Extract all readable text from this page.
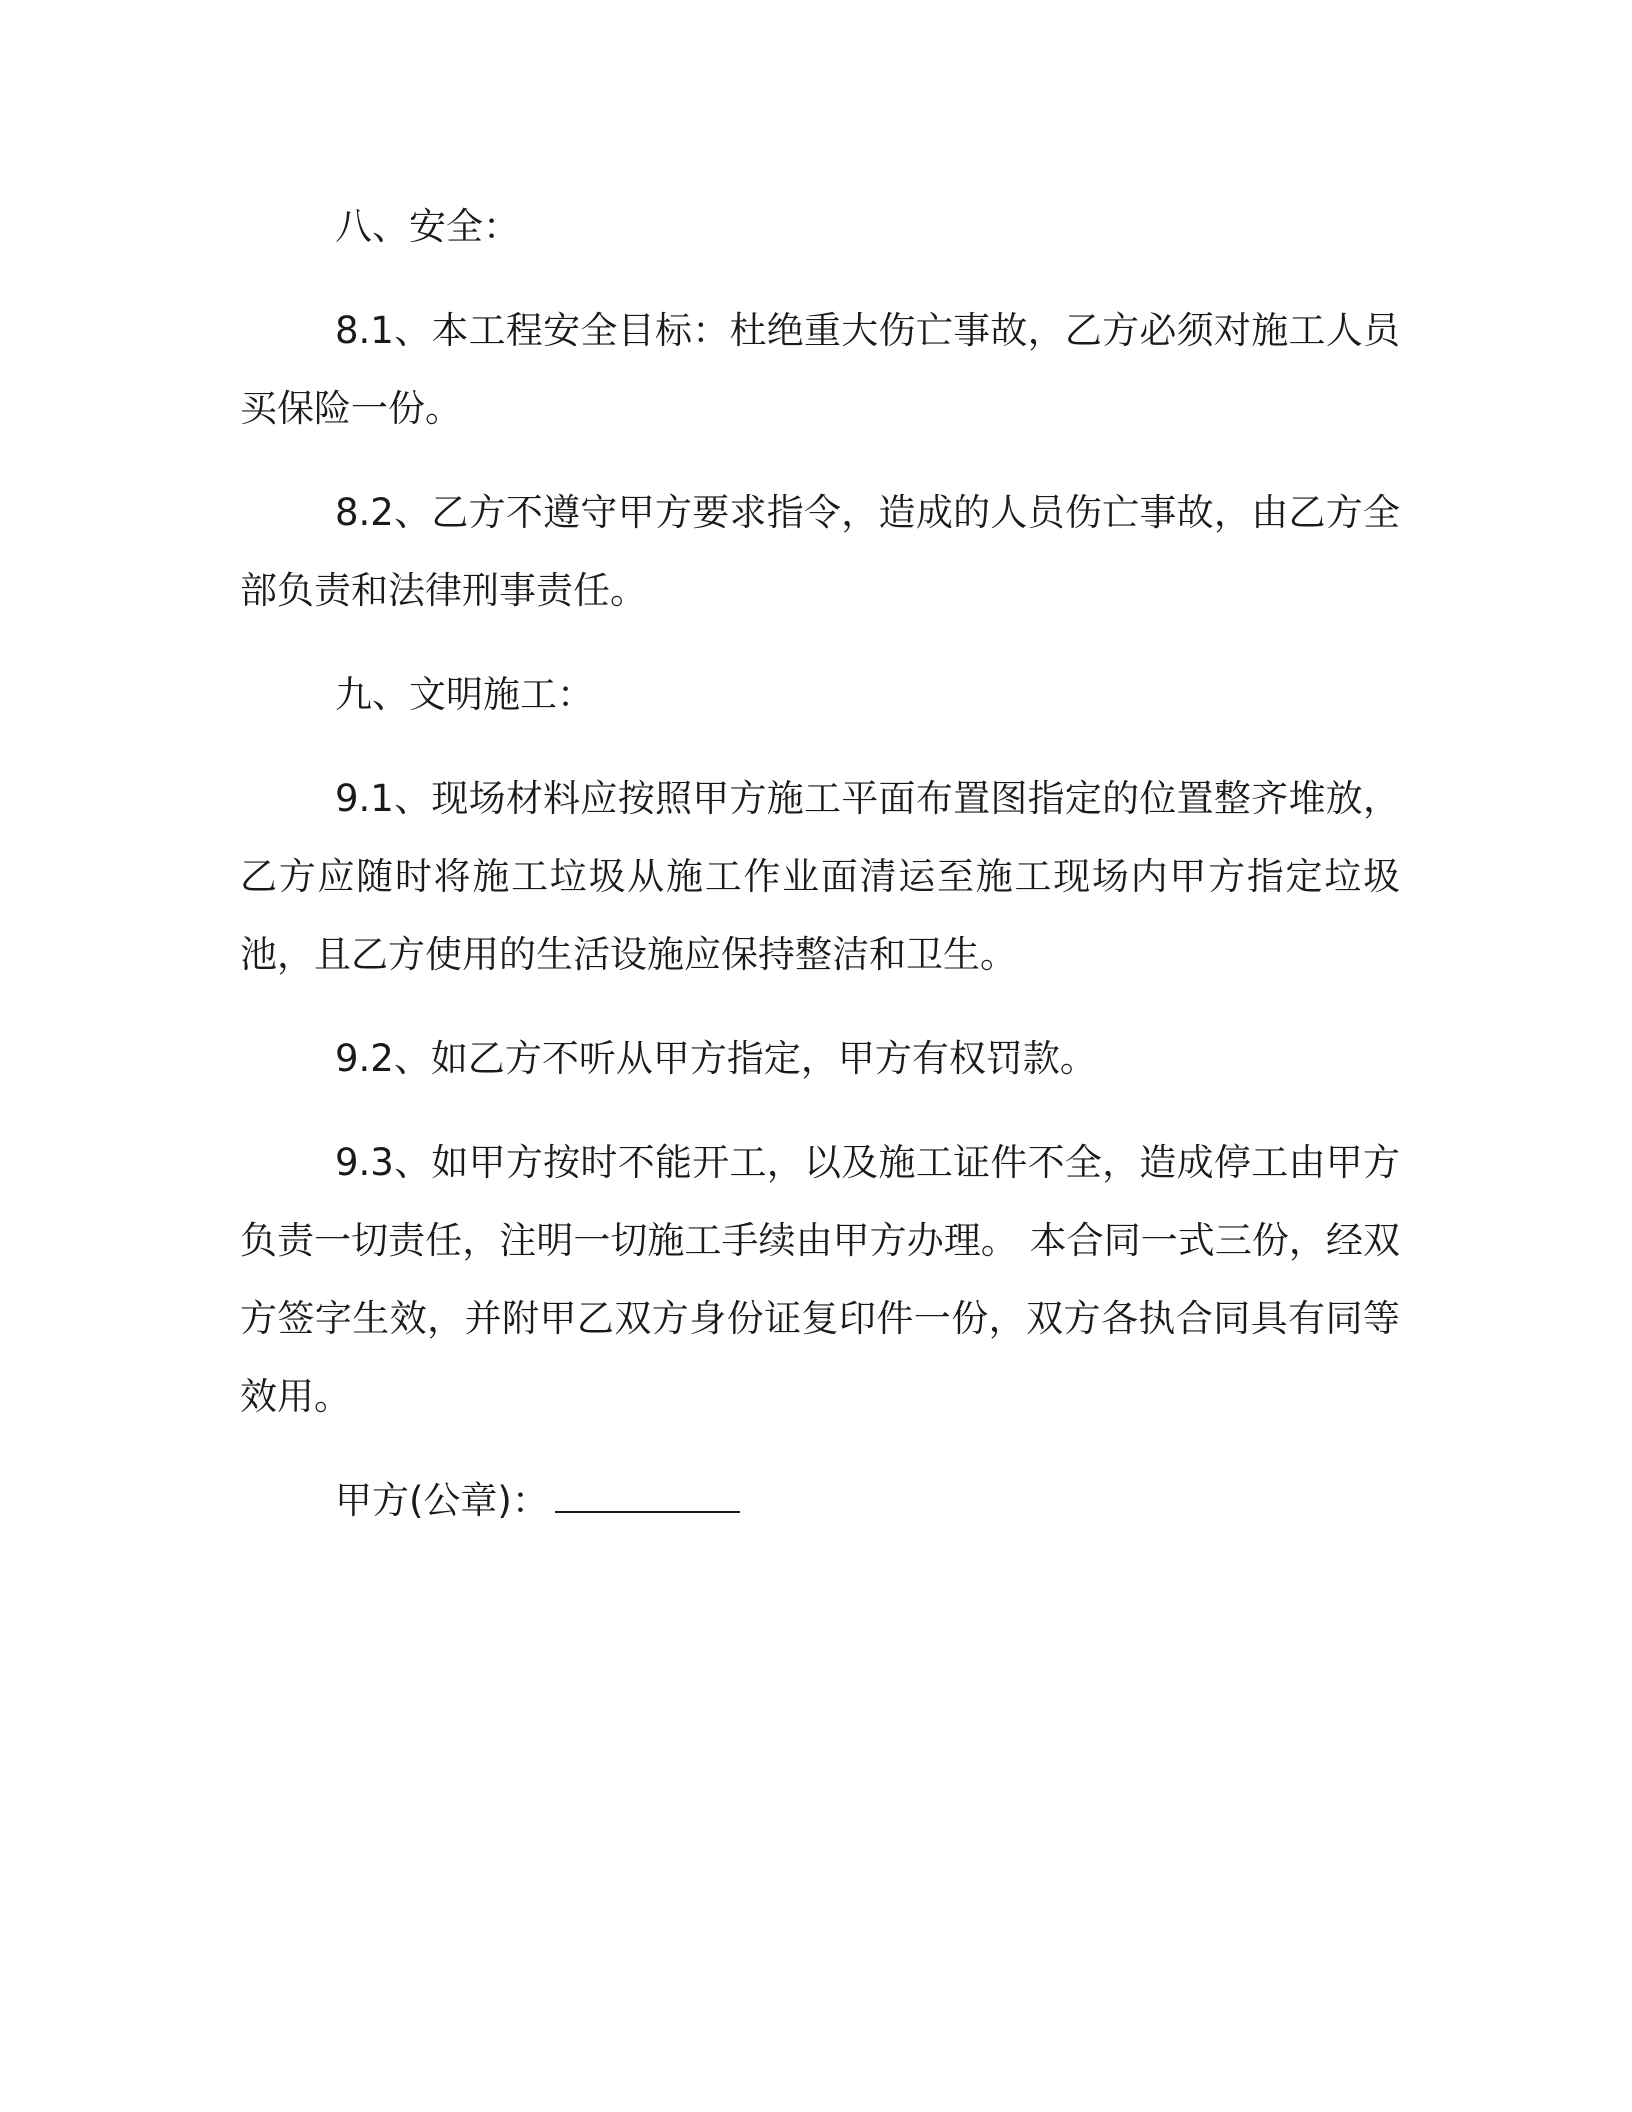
八、安全：

8.1、本工程安全目标：杜绝重大伤亡事故，乙方必须对施工人员买保险一份。

8.2、乙方不遵守甲方要求指令，造成的人员伤亡事故，由乙方全部负责和法律刑事责任。

九、文明施工：

9.1、现场材料应按照甲方施工平面布置图指定的位置整齐堆放，乙方应随时将施工垃圾从施工作业面清运至施工现场内甲方指定垃圾池，且乙方使用的生活设施应保持整洁和卫生。

9.2、如乙方不听从甲方指定，甲方有权罚款。

9.3、如甲方按时不能开工，以及施工证件不全，造成停工由甲方负责一切责任，注明一切施工手续由甲方办理。 本合同一式三份，经双方签字生效，并附甲乙双方身份证复印件一份，双方各执合同具有同等效用。

甲方(公章)：
